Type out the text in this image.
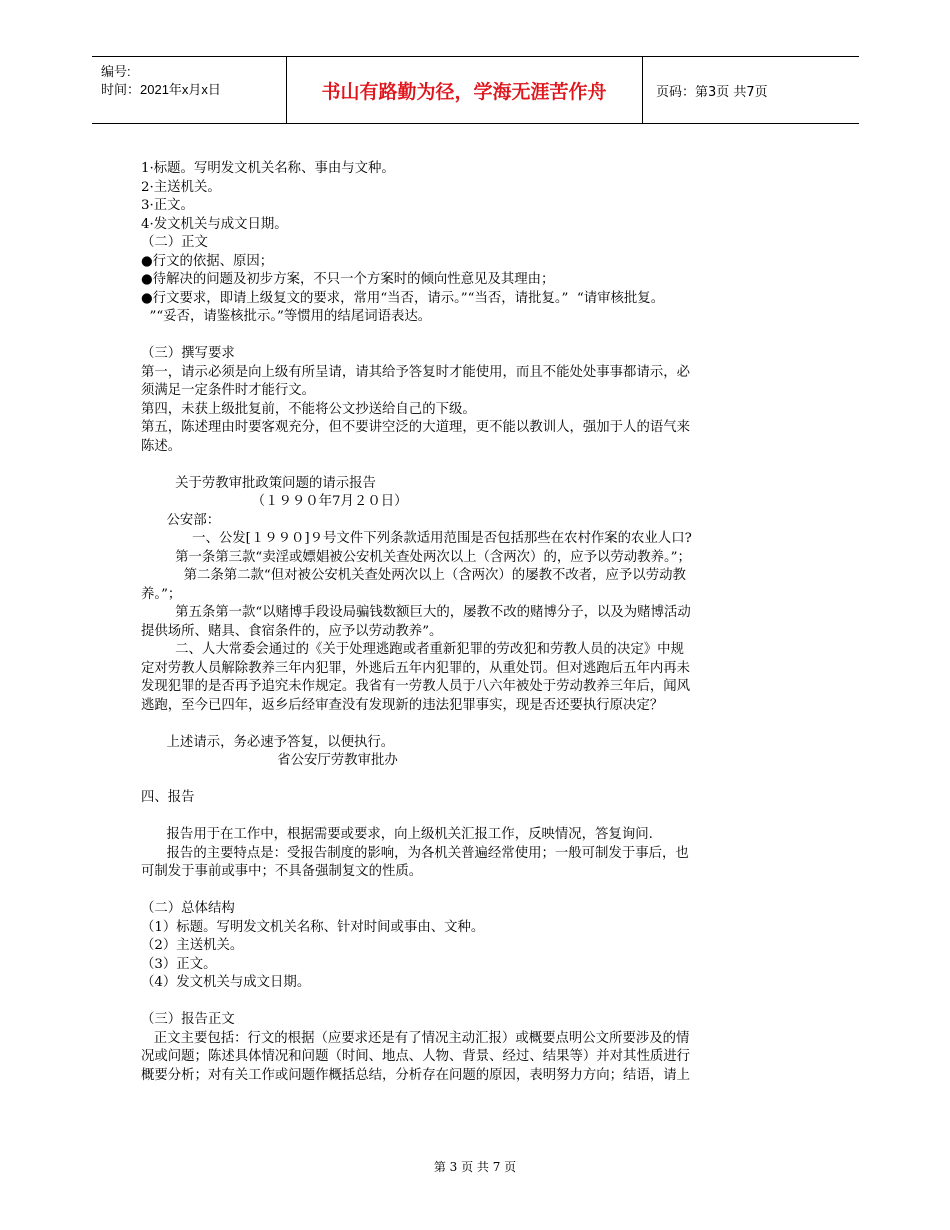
编号:
时间：2021年x月x日	书山有路勤为径，学海无涯苦作舟	页码：第3页 共7页

1·标题。写明发文机关名称、事由与文种。

2·主送机关。

3·正文。

4·发文机关与成文日期。

（二）正文

●行文的依据、原因；

●待解决的问题及初步方案，不只一个方案时的倾向性意见及其理由；

●行文要求，即请上级复文的要求，常用“当否，请示。”“当否，请批复。”  “请审核批复。

”“妥否，请鉴核批示。”等惯用的结尾词语表达。

（三）撰写要求

第一，请示必须是向上级有所呈请，请其给予答复时才能使用，而且不能处处事事都请示，必

须满足一定条件时才能行文。

第四，未获上级批复前，不能将公文抄送给自己的下级。

第五，陈述理由时要客观充分，但不要讲空泛的大道理，更不能以教训人，强加于人的语气来

陈述。

关于劳教审批政策问题的请示报告

（１９９０年7月２０日）

公安部：

一、公发[１９９０]９号文件下列条款适用范围是否包括那些在农村作案的农业人口?

第一条第三款“卖淫或嫖娼被公安机关查处两次以上（含两次）的，应予以劳动教养。”；

第二条第二款“但对被公安机关查处两次以上（含两次）的屡教不改者，应予以劳动教

养。”；

第五条第一款“以赌博手段设局骗钱数额巨大的，屡教不改的赌博分子，以及为赌博活动

提供场所、赌具、食宿条件的，应予以劳动教养”。

二、人大常委会通过的《关于处理逃跑或者重新犯罪的劳改犯和劳教人员的决定》中规

定对劳教人员解除教养三年内犯罪，外逃后五年内犯罪的，从重处罚。但对逃跑后五年内再未

发现犯罪的是否再予追究未作规定。我省有一劳教人员于八六年被处于劳动教养三年后，闻风

逃跑，至今已四年，返乡后经审查没有发现新的违法犯罪事实，现是否还要执行原决定？

上述请示，务必速予答复，以便执行。

省公安厅劳教审批办

四、报告

报告用于在工作中，根据需要或要求，向上级机关汇报工作，反映情况，答复询问.

报告的主要特点是：受报告制度的影响，为各机关普遍经常使用；一般可制发于事后，也

可制发于事前或事中；不具备强制复文的性质。

（二）总体结构

（1）标题。写明发文机关名称、针对时间或事由、文种。

（2）主送机关。

（3）正文。

（4）发文机关与成文日期。

（三）报告正文

正文主要包括：行文的根据（应要求还是有了情况主动汇报）或概要点明公文所要涉及的情

况或问题；陈述具体情况和问题（时间、地点、人物、背景、经过、结果等）并对其性质进行

概要分析；对有关工作或问题作概括总结，分析存在问题的原因，表明努力方向；结语，请上

第 3 页 共 7 页
